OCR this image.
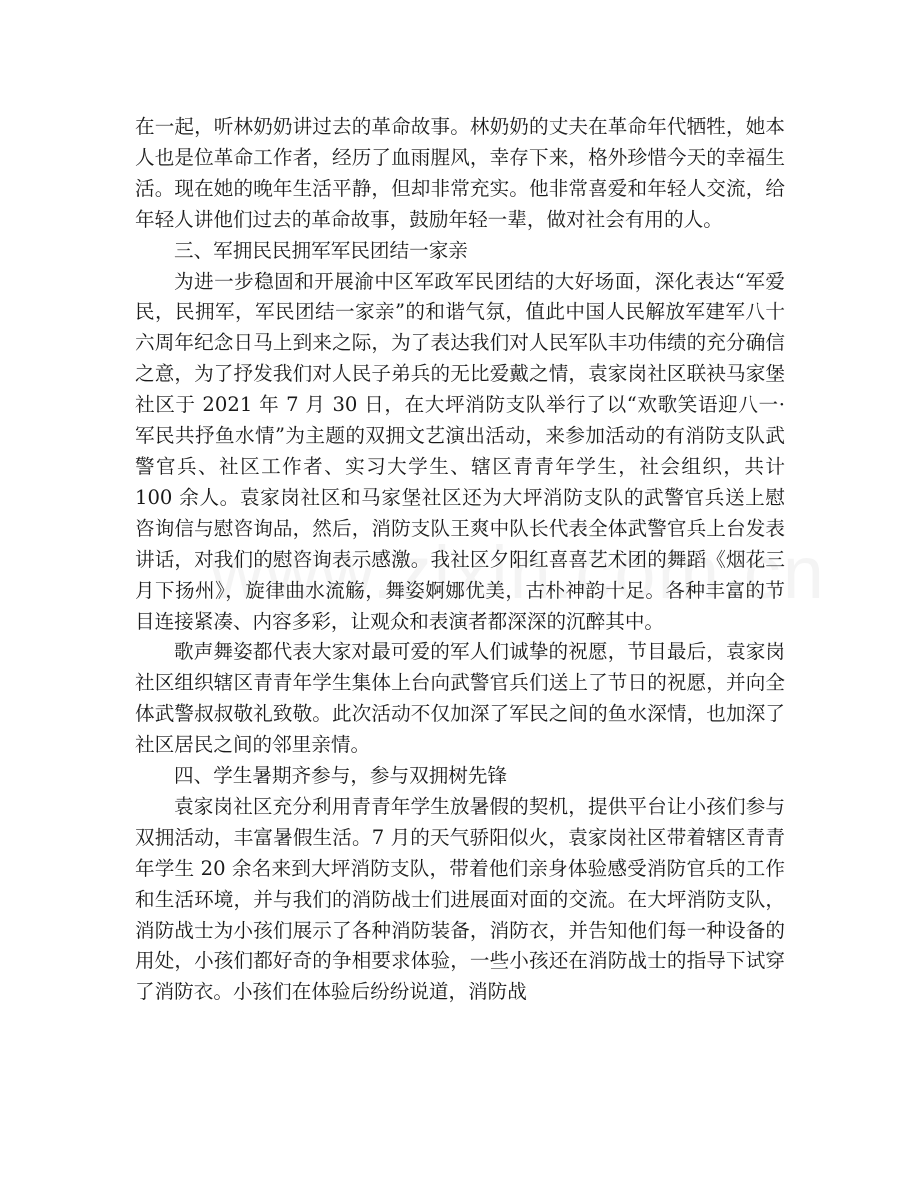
在一起，听林奶奶讲过去的革命故事。林奶奶的丈夫在革命年代牺牲，她本人也是位革命工作者，经历了血雨腥风，幸存下来，格外珍惜今天的幸福生活。现在她的晚年生活平静，但却非常充实。他非常喜爱和年轻人交流，给年轻人讲他们过去的革命故事，鼓励年轻一辈，做对社会有用的人。

三、军拥民民拥军军民团结一家亲

为进一步稳固和开展渝中区军政军民团结的大好场面，深化表达“军爱民，民拥军，军民团结一家亲”的和谐气氛，值此中国人民解放军建军八十六周年纪念日马上到来之际，为了表达我们对人民军队丰功伟绩的充分确信之意，为了抒发我们对人民子弟兵的无比爱戴之情，袁家岗社区联袂马家堡社区于 2021 年 7 月 30 日，在大坪消防支队举行了以“欢歌笑语迎八一·军民共抒鱼水情”为主题的双拥文艺演出活动，来参加活动的有消防支队武警官兵、社区工作者、实习大学生、辖区青青年学生，社会组织，共计 100 余人。袁家岗社区和马家堡社区还为大坪消防支队的武警官兵送上慰咨询信与慰咨询品，然后，消防支队王爽中队长代表全体武警官兵上台发表讲话，对我们的慰咨询表示感激。我社区夕阳红喜喜艺术团的舞蹈《烟花三月下扬州》，旋律曲水流觞，舞姿婀娜优美，古朴神韵十足。各种丰富的节目连接紧凑、内容多彩，让观众和表演者都深深的沉醉其中。

歌声舞姿都代表大家对最可爱的军人们诚挚的祝愿，节目最后，袁家岗社区组织辖区青青年学生集体上台向武警官兵们送上了节日的祝愿，并向全体武警叔叔敬礼致敬。此次活动不仅加深了军民之间的鱼水深情，也加深了社区居民之间的邻里亲情。

四、学生暑期齐参与，参与双拥树先锋

袁家岗社区充分利用青青年学生放暑假的契机，提供平台让小孩们参与双拥活动，丰富暑假生活。7 月的天气骄阳似火，袁家岗社区带着辖区青青年学生 20 余名来到大坪消防支队，带着他们亲身体验感受消防官兵的工作和生活环境，并与我们的消防战士们进展面对面的交流。在大坪消防支队，消防战士为小孩们展示了各种消防装备，消防衣，并告知他们每一种设备的用处，小孩们都好奇的争相要求体验，一些小孩还在消防战士的指导下试穿了消防衣。小孩们在体验后纷纷说道，消防战
